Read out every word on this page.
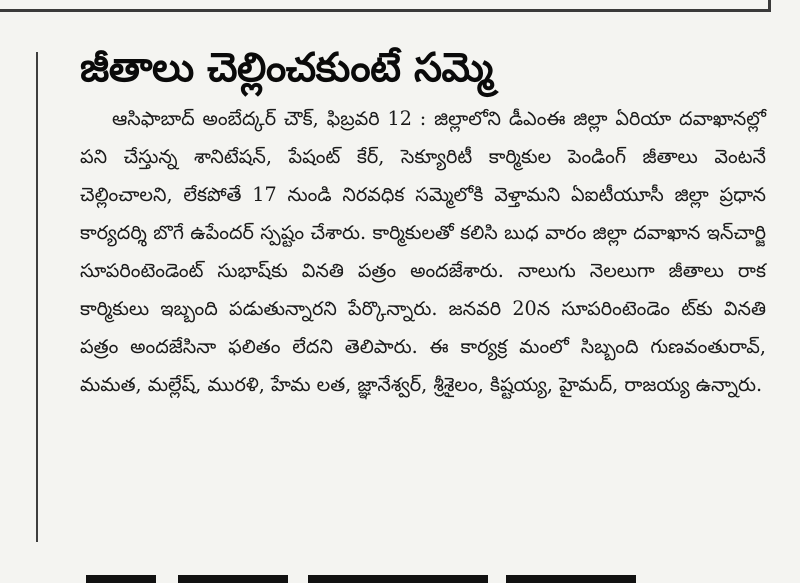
జీతాలు చెల్లించకుంటే సమ్మె

ఆసిఫాబాద్ అంబేద్కర్ చౌక్, ఫిబ్రవరి 12 : జిల్లాలోని డీఎంఈ జిల్లా ఏరియా దవాఖానల్లో పని చేస్తున్న శానిటేషన్, పేషంట్ కేర్, సెక్యూరిటీ కార్మికుల పెండింగ్ జీతాలు వెంటనే చెల్లించాలని, లేకపోతే 17 నుండి నిరవధిక సమ్మెలోకి వెళ్తామని ఏఐటీయూసీ జిల్లా ప్రధాన కార్యదర్శి బొగే ఉపేందర్ స్పష్టం చేశారు. కార్మికులతో కలిసి బుధ వారం జిల్లా దవాఖాన ఇన్‌చార్జి సూపరింటెండెంట్ సుభాష్‌కు వినతి పత్రం అందజేశారు. నాలుగు నెలలుగా జీతాలు రాక కార్మికులు ఇబ్బంది పడుతున్నారని పేర్కొన్నారు. జనవరి 20న సూపరింటెండెం ట్‌కు వినతి పత్రం అందజేసినా ఫలితం లేదని తెలిపారు. ఈ కార్యక్ర మంలో సిబ్బంది గుణవంతురావ్, మమత, మల్లేష్, మురళి, హేమ లత, జ్ఞానేశ్వర్, శ్రీశైలం, కిష్టయ్య, హైమద్, రాజయ్య ఉన్నారు.
